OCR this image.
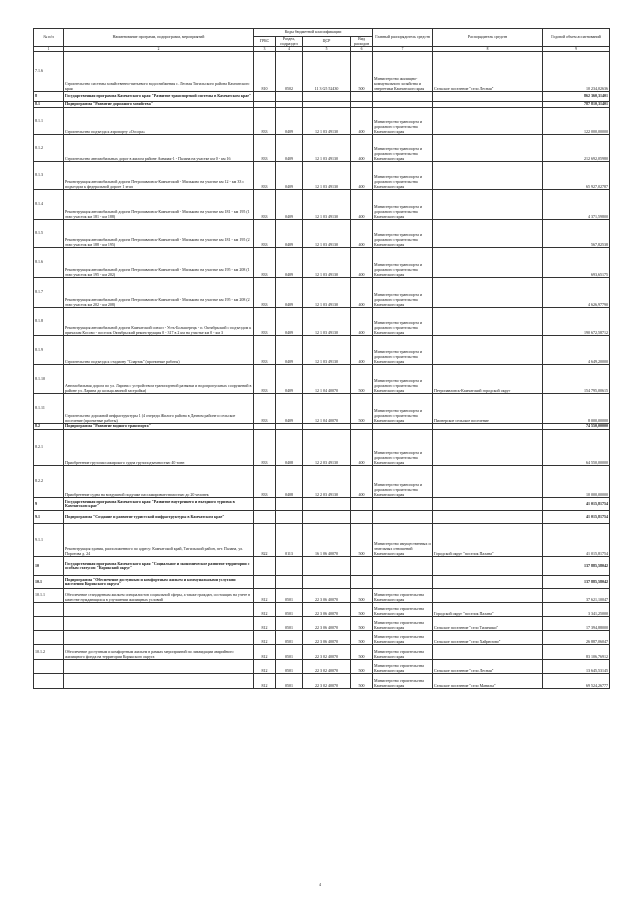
№ п/п	Наименование программ, подпрограмм, мероприятий	Коды бюджетной классификации				Главный распорядитель средств	Распорядитель средств	Годовой объем ассигнований
		ГРБС	Раздел, подраздел	ЦСР	Вид расходов			
1	2	3	4	5	6	7	8	9
7.1.6	Строительство системы хозяйственно-питьевого водоснабжения с. Лесная Тигильского района Камчатского края	810	0502	11 3 G5 52430	500	Министерство жилищно-коммунального хозяйства и энергетики Камчатского края	Сельское поселение "село Лесная"	10 234,02636
8	Государственная программа Камчатского края "Развитие транспортной системы в Камчатском крае"							862 360,31401
8.1	Подпрограмма "Развитие дорожного хозяйства"							787 810,31401
8.1.1	Строительство подъезда к аэропорту «Оссора»	833	0409	12 1 03 49130	400	Министерство транспорта и дорожного строительства Камчатского края		122 000,00000
8.1.2	Строительство автомобильных дорог в жилом районе Аммиак-1 - Палана на участке км 0 - км 16	833	0409	12 1 03 49130	400	Министерство транспорта и дорожного строительства Камчатского края		212 692,05980
8.1.3	Реконструкция автомобильной дороги Петропавловск-Камчатский - Мильково на участке км 12 - км 33 с подъездом к федеральной дороге 1 этап	833	0409	12 1 03 49130	400	Министерство транспорта и дорожного строительства Камчатского края		65 927,02787
8.1.4	Реконструкция автомобильной дороги Петропавловск-Камчатский - Мильково на участке км 181 - км 195 (1 этап участок км 181 - км 188)	833	0409	12 1 03 49130	400	Министерство транспорта и дорожного строительства Камчатского края		4 371,59800
8.1.5	Реконструкция автомобильной дороги Петропавловск-Камчатский - Мильково на участке км 181 - км 195 (2 этап участок км 188 - км 195)	833	0409	12 1 03 49130	400	Министерство транспорта и дорожного строительства Камчатского края		567,82538
8.1.6	Реконструкция автомобильной дороги Петропавловск-Камчатский - Мильково на участке км 195 - км 208 (1 этап участок км 195 - км 202)	833	0409	12 1 03 49130	400	Министерство транспорта и дорожного строительства Камчатского края		693,65175
8.1.7	Реконструкция автомобильной дороги Петропавловск-Камчатский - Мильково на участке км 195 - км 208 (2 этап участок км 202 - км 208)	833	0409	12 1 03 49130	400	Министерство транспорта и дорожного строительства Камчатского края		4 626,97790
8.1.8	Реконструкция автомобильной дороги Камчатский совхоз - Усть-Большерецк - п. Октябрьский с подъездом к причалам Косово - поселок Октябрьский реконструкция 0 - 317 в 2 км на участке км 0 - км 3	833	0409	12 1 03 49130	400	Министерство транспорта и дорожного строительства Камчатского края		190 672,58712
8.1.9	Строительство подъезда к стадиону "Спартак" (проектные работы)	833	0409	12 1 03 49130	400	Министерство транспорта и дорожного строительства Камчатского края		4 649,20000
8.1.10	Автомобильная дорога по ул. Ларина с устройством транспортной развязки и водопропускных сооружений в районе ул. Ларина до кольца авиной застройки)	833	0409	12 1 04 40070	500	Министерство транспорта и дорожного строительства Камчатского края	Петропавловск-Камчатский городской округ	154 795,00615
8.1.11	Строительство дорожной инфраструктуры 1 (4 очереди Жилого района в Дачном районе и сельское поселение (проектные работы)	833	0409	12 1 04 40070	500	Министерство транспорта и дорожного строительства Камчатского края	Пионерское сельское поселение	8 000,00000
8.2	Подпрограмма "Развитие водного транспорта"							74 550,00000
8.2.1	Приобретение грузопассажирского судна грузоподъемностью 40 тонн	833	0408	12 2 03 49130	400	Министерство транспорта и дорожного строительства Камчатского края		64 550,00000
8.2.2	Приобретение судна на воздушной подушке пассажировместимостью до 20 человек	833	0408	12 2 03 49130	400	Министерство транспорта и дорожного строительства Камчатского края		10 000,00000
9	Государственная программа Камчатского края "Развитие внутреннего и въездного туризма в Камчатском крае"							41 015,81754
9.1	Подпрограмма "Создание и развитие туристской инфраструктуры в Камчатском крае"							41 015,81754
9.1.1	Реконструкция здания, расположенного по адресу: Камчатский край, Тигильский район, пгт. Палана, ул. Поротова д. 24	822	0113	16 1 06 40070	500	Министерство имущественных и земельных отношений Камчатского края	Городской округ "поселок Палана"	41 015,81754
10	Государственная программа Камчатского края "Социальное и экономическое развитие территории с особым статусом "Корякский округ"							137 885,58042
10.1	Подпрограмма "Обеспечение доступным и комфортным жильем и коммунальными услугами населения Корякского округа"							137 885,58042
10.1.1	Обеспечение стандартным жильем специалистов социальной сферы, а также граждан, состоящих на учете в качестве нуждающихся в улучшении жилищных условий	812	0501	22 3 06 40070	500	Министерство строительства Камчатского края		37 621,10047
		812	0501	22 3 06 40070	500	Министерство строительства Камчатского края	Городской округ "поселок Палана"	3 341,25000
		812	0501	22 3 06 40070	500	Министерство строительства Камчатского края	Сельское поселение "село Тиличики"	17 394,88000
		812	0501	22 3 06 40070	500	Министерство строительства Камчатского края	Сельское поселение "село Хайрюзово"	26 887,06047
10.1.2	Обеспечение доступным и комфортным жильем в рамках мероприятий по ликвидации аварийного жилищного фонда на территории Корякского округа	812	0501	22 3 02 40070	500	Министерство строительства Камчатского края		83 106,76912
		812	0501	22 3 02 40070	500	Министерство строительства Камчатского края	Сельское поселение "село Лесная"	13 645,53145
		812	0501	22 3 02 40070	500	Министерство строительства Камчатского края	Сельское поселение "село Манилы"	69 524,26777
4
